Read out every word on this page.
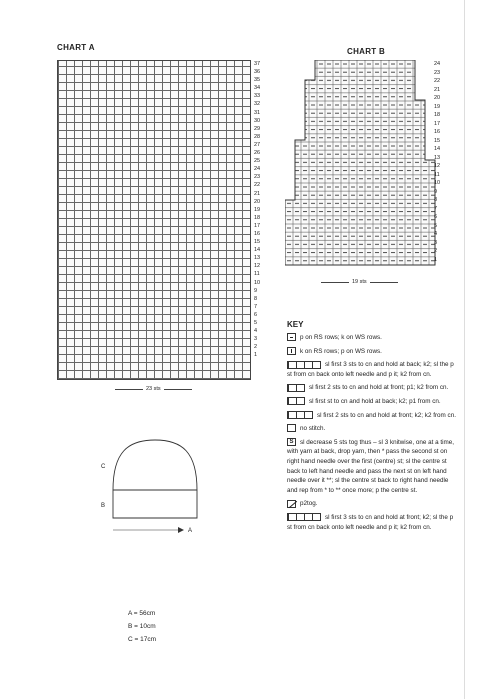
CHART A
37
36
35
34
33
32
31
30
29
28
27
26
25
24
23
22
21
20
19
18
17
16
15
14
13
12
11
10
9
8
7
6
5
4
3
2
1
23 sts
CHART B
24
23
22
21
20
19
18
17
16
15
14
13
12
11
10
9
8
7
6
5
4
3
2
1
19 sts
KEY
p on RS rows; k on WS rows.
k on RS rows; p on WS rows.
sl first 3 sts to cn and hold at back; k2; sl the p st from cn back onto left needle and p it; k2 from cn.
sl first 2 sts to cn and hold at front; p1; k2 from cn.
sl first st to cn and hold at back; k2; p1 from cn.
sl first 2 sts to cn and hold at front; k2; k2 from cn.
no stitch.
S sl decrease 5 sts tog thus – sl 3 knitwise, one at a time, with yarn at back, drop yarn, then * pass the second st on right hand needle over the first (centre) st; sl the centre st back to left hand needle and pass the next st on left hand needle over it **; sl the centre st back to right hand needle and rep from * to ** once more; p the centre st.
p2tog.
sl first 3 sts to cn and hold at front; k2; sl the p st from cn back onto left needle and p it; k2 from cn.
C
B
A
A = 56cm
B = 10cm
C = 17cm
